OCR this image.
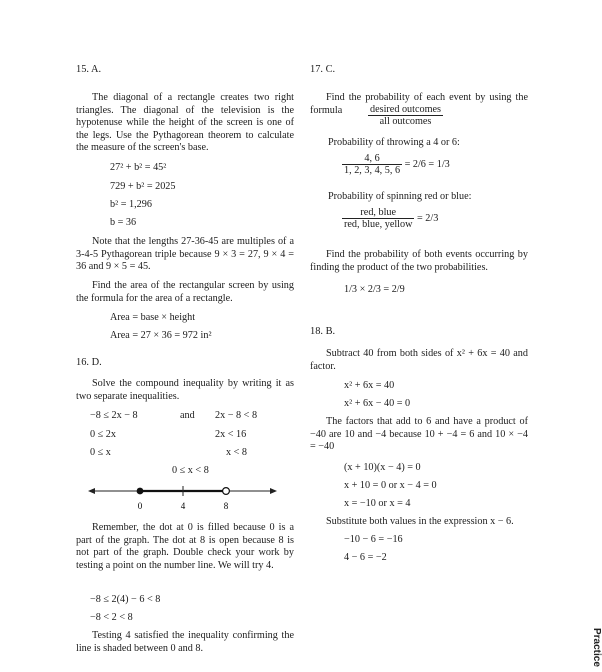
15. A.
The diagonal of a rectangle creates two right triangles. The diagonal of the television is the hypotenuse while the height of the screen is one of the legs. Use the Pythagorean theorem to calculate the measure of the screen's base.
27² + b² = 45²
729 + b² = 2025
b² = 1,296
b = 36
Note that the lengths 27-36-45 are multiples of a 3-4-5 Pythagorean triple because 9 × 3 = 27, 9 × 4 = 36 and 9 × 5 = 45.
Find the area of the rectangular screen by using the formula for the area of a rectangle.
Area = base × height
Area = 27 × 36 = 972 in²
16. D.
Solve the compound inequality by writing it as two separate inequalities.
−8 ≤ 2x − 8	and 2x − 8 < 8
0 ≤ 2x	2x < 16
0 ≤ x	x < 8
0 ≤ x < 8
0	4	8
Remember, the dot at 0 is filled because 0 is a part of the graph. The dot at 8 is open because 8 is not part of the graph. Double check your work by testing a point on the number line. We will try 4.
−8 ≤ 2(4) − 6 < 8
−8 < 2 < 8
Testing 4 satisfied the inequality confirming the line is shaded between 0 and 8.
17. C.
Find the probability of each event by using the formula	$\frac{\text{desired outcomes}}{\text{all outcomes}}$
Probability of throwing a 4 or 6:
$\frac{4, 6}{1, 2, 3, 4, 5, 6} = 2/6 = 1/3$
Probability of spinning red or blue:
$\frac{\text{red, blue}}{\text{red, blue, yellow}} = 2/3$
Find the probability of both events occurring by finding the product of the two probabilities.
1/3 × 2/3 = 2/9
18. B.
Subtract 40 from both sides of x² + 6x = 40 and factor.
x² + 6x = 40
x² + 6x − 40 = 0
The factors that add to 6 and have a product of −40 are 10 and −4 because 10 + −4 = 6 and 10 × −4 = −40
(x + 10)(x − 4) = 0
x + 10 = 0 or x − 4 = 0
x = −10 or x = 4
Substitute both values in the expression x − 6.
−10 − 6 = −16
4 − 6 = −2
Practice
